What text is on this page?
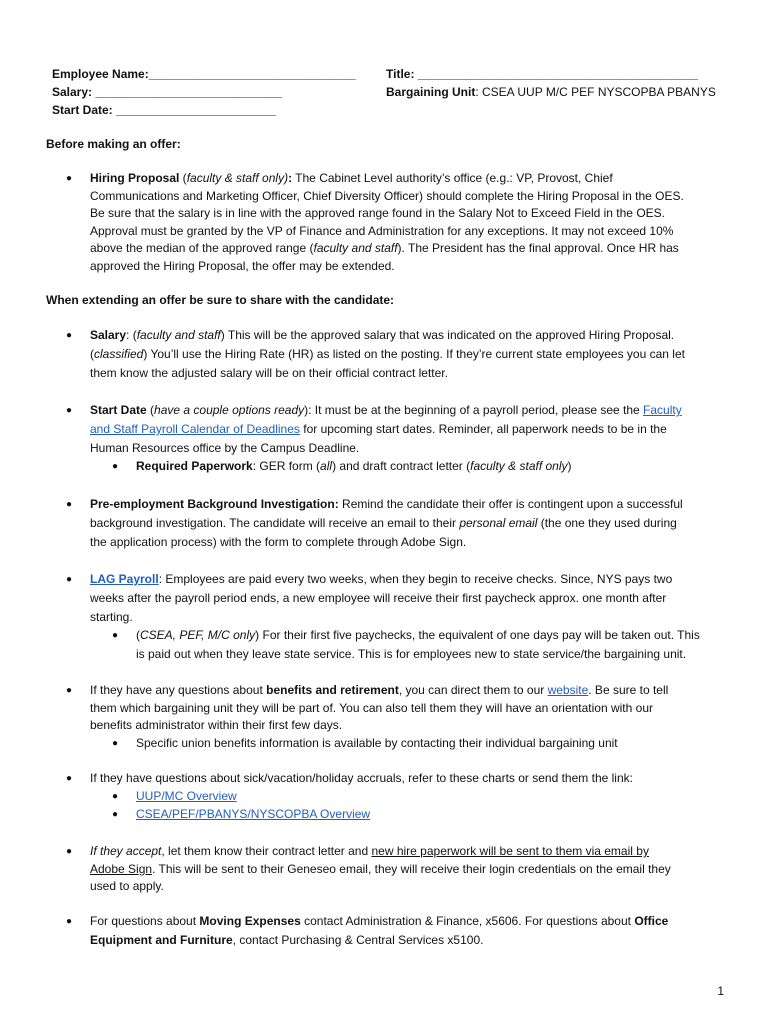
Employee Name:_______________________________
Salary: ____________________________
Start Date: ________________________
Title: __________________________________________
Bargaining Unit: CSEA UUP M/C PEF NYSCOPBA PBANYS
Before making an offer:
● Hiring Proposal (faculty & staff only): The Cabinet Level authority’s office (e.g.: VP, Provost, Chief
Communications and Marketing Officer, Chief Diversity Officer) should complete the Hiring Proposal in the OES.
Be sure that the salary is in line with the approved range found in the Salary Not to Exceed Field in the OES.
Approval must be granted by the VP of Finance and Administration for any exceptions. It may not exceed 10%
above the median of the approved range (faculty and staff). The President has the final approval. Once HR has
approved the Hiring Proposal, the offer may be extended.
When extending an offer be sure to share with the candidate:
● Salary: (faculty and staff) This will be the approved salary that was indicated on the approved Hiring Proposal.
(classified) You’ll use the Hiring Rate (HR) as listed on the posting. If they’re current state employees you can let
them know the adjusted salary will be on their official contract letter.
● Start Date (have a couple options ready): It must be at the beginning of a payroll period, please see the Faculty
and Staff Payroll Calendar of Deadlines for upcoming start dates. Reminder, all paperwork needs to be in the
Human Resources office by the Campus Deadline.
● Required Paperwork: GER form (all) and draft contract letter (faculty & staff only)
● Pre-employment Background Investigation: Remind the candidate their offer is contingent upon a successful
background investigation. The candidate will receive an email to their personal email (the one they used during
the application process) with the form to complete through Adobe Sign.
● LAG Payroll: Employees are paid every two weeks, when they begin to receive checks. Since, NYS pays two
weeks after the payroll period ends, a new employee will receive their first paycheck approx. one month after
starting.
● (CSEA, PEF, M/C only) For their first five paychecks, the equivalent of one days pay will be taken out. This
is paid out when they leave state service. This is for employees new to state service/the bargaining unit.
● If they have any questions about benefits and retirement, you can direct them to our website. Be sure to tell
them which bargaining unit they will be part of. You can also tell them they will have an orientation with our
benefits administrator within their first few days.
● Specific union benefits information is available by contacting their individual bargaining unit
● If they have questions about sick/vacation/holiday accruals, refer to these charts or send them the link:
● UUP/MC Overview
● CSEA/PEF/PBANYS/NYSCOPBA Overview
● If they accept, let them know their contract letter and new hire paperwork will be sent to them via email by
Adobe Sign. This will be sent to their Geneseo email, they will receive their login credentials on the email they
used to apply.
● For questions about Moving Expenses contact Administration & Finance, x5606. For questions about Office
Equipment and Furniture, contact Purchasing & Central Services x5100.
1
